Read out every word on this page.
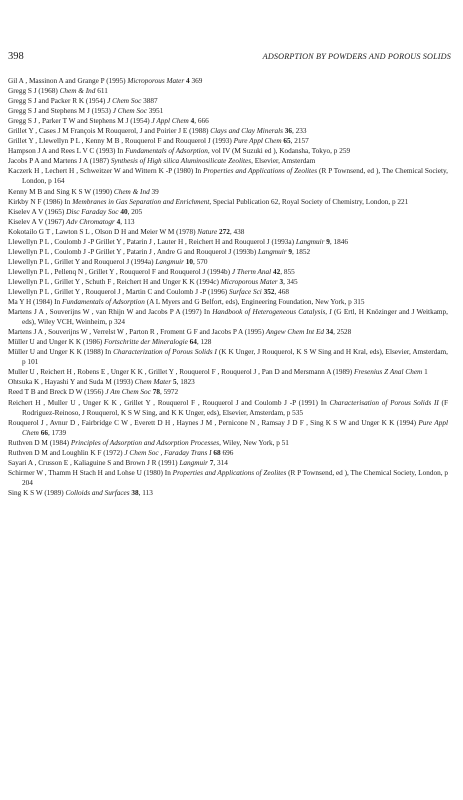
398	ADSORPTION BY POWDERS AND POROUS SOLIDS
Gil A , Massinon A and Grange P (1995) Microporous Mater 4 369
Gregg S J (1968) Chem & Ind 611
Gregg S J and Packer R K (1954) J Chem Soc 3887
Gregg S J and Stephens M J (1953) J Chem Soc 3951
Gregg S J , Parker T W and Stephens M J (1954) J Appl Chem 4, 666
Grillet Y , Cases J M François M Rouquerol, J and Poirier J E (1988) Clays and Clay Minerals 36, 233
Grillet Y , Llewellyn P L , Kenny M B , Rouquerol F and Rouquerol J (1993) Pure Appl Chem 65, 2157
Hampson J A and Rees L V C (1993) In Fundamentals of Adsorption, vol IV (M Suzuki ed ), Kodansha, Tokyo, p 259
Jacobs P A and Martens J A (1987) Synthesis of High silica Aluminosilicate Zeolites, Elsevier, Amsterdam
Kaczerk H , Lechert H , Schweitzer W and Wittern K -P (1980) In Properties and Applications of Zeolites (R P Townsend, ed ), The Chemical Society, London, p 164
Kenny M B and Sing K S W (1990) Chem & Ind 39
Kirkby N F (1986) In Membranes in Gas Separation and Enrichment, Special Publication 62, Royal Society of Chemistry, London, p 221
Kiselev A V (1965) Disc Faraday Soc 40, 205
Kiselev A V (1967) Adv Chromatogr 4, 113
Kokotailo G T , Lawton S L , Olson D H and Meier W M (1978) Nature 272, 438
Llewellyn P L , Coulomb J -P Grillet Y , Patarin J , Lauter H , Reichert H and Rouquerol J (1993a) Langmuir 9, 1846
Llewellyn P L , Coulomb J -P Grillet Y , Patarin J , Andre G and Rouquerol J (1993b) Langmuir 9, 1852
Llewellyn P L , Grillet Y and Rouquerol J (1994a) Langmuir 10, 570
Llewellyn P L , Pellenq N , Grillet Y , Rouquerol F and Rouquerol J (1994b) J Therm Anal 42, 855
Llewellyn P L , Grillet Y , Schuth F , Reichert H and Unger K K (1994c) Microporous Mater 3, 345
Llewellyn P L , Grillet Y , Rouquerol J , Martin C and Coulomb J -P (1996) Surface Sci 352, 468
Ma Y H (1984) In Fundamentals of Adsorption (A L Myers and G Belfort, eds), Engineering Foundation, New York, p 315
Martens J A , Souverijns W , van Rhijn W and Jacobs P A (1997) In Handbook of Heterogeneous Catalysis, I (G Ertl, H Knözinger and J Weitkamp, eds), Wiley VCH, Weinheim, p 324
Martens J A , Souverijns W , Verrelst W , Parton R , Froment G F and Jacobs P A (1995) Angew Chem Int Ed 34, 2528
Müller U and Unger K K (1986) Fortschritte der Mineralogie 64, 128
Müller U and Unger K K (1988) In Characterization of Porous Solids I (K K Unger, J Rouquerol, K S W Sing and H Kral, eds), Elsevier, Amsterdam, p 101
Muller U , Reichert H , Robens E , Unger K K , Grillet Y , Rouquerol F , Rouquerol J , Pan D and Mersmann A (1989) Fresenius Z Anal Chem 1
Ohtsuka K , Hayashi Y and Suda M (1993) Chem Mater 5, 1823
Reed T B and Breck D W (1956) J Am Chem Soc 78, 5972
Reichert H , Muller U , Unger K K , Grillet Y , Rouquerol F , Rouquerol J and Coulomb J -P (1991) In Characterisation of Porous Solids II (F Rodriguez-Reinoso, J Rouquerol, K S W Sing, and K K Unger, eds), Elsevier, Amsterdam, p 535
Rouquerol J , Avnur D , Fairbridge C W , Everett D H , Haynes J M , Pernicone N , Ramsay J D F , Sing K S W and Unger K K (1994) Pure Appl Chem 66, 1739
Ruthven D M (1984) Principles of Adsorption and Adsorption Processes, Wiley, New York, p 51
Ruthven D M and Loughlin K F (1972) J Chem Soc , Faraday Trans I 68 696
Sayari A , Crusson E , Kaliaguine S and Brown J R (1991) Langmuir 7, 314
Schirmer W , Thamm H Stach H and Lohse U (1980) In Properties and Applications of Zeolites (R P Townsend, ed ), The Chemical Society, London, p 204
Sing K S W (1989) Colloids and Surfaces 38, 113
